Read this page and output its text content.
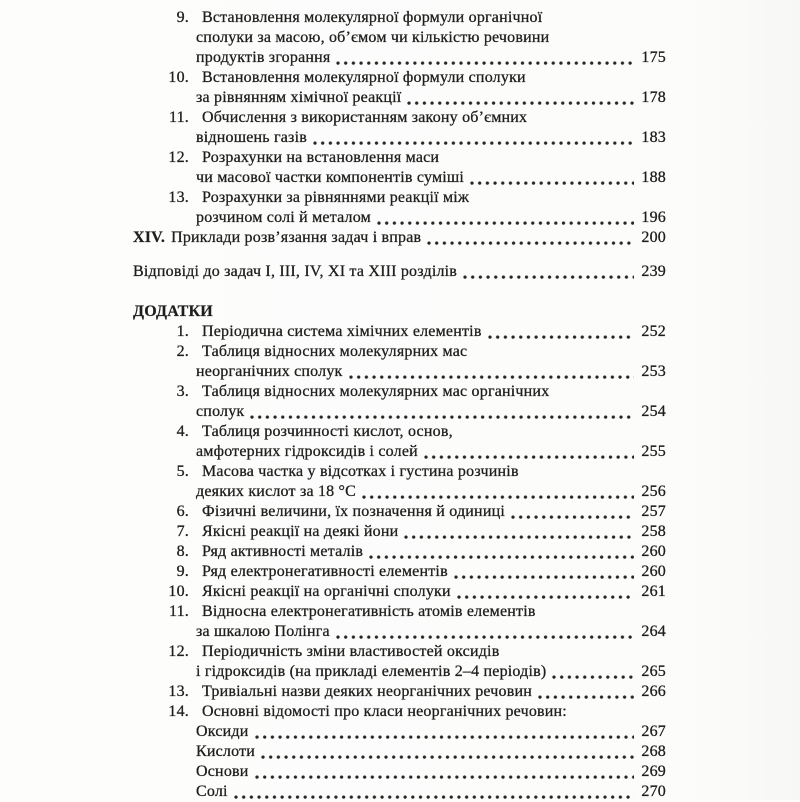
9. Встановлення молекулярної формули органічної
сполуки за масою, об’ємом чи кількістю речовини
продуктів згорання	175
10. Встановлення молекулярної формули сполуки
за рівнянням хімічної реакції	178
11. Обчислення з використанням закону об’ємних
відношень газів	183
12. Розрахунки на встановлення маси
чи масової частки компонентів суміші	188
13. Розрахунки за рівняннями реакції між
розчином солі й металом	196
XIV. Приклади розв’язання задач і вправ	200
Відповіді до задач I, III, IV, XI та XIII розділів	239
ДОДАТКИ
1. Періодична система хімічних елементів	252
2. Таблиця відносних молекулярних мас
неорганічних сполук	253
3. Таблиця відносних молекулярних мас органічних
сполук	254
4. Таблиця розчинності кислот, основ,
амфотерних гідроксидів і солей	255
5. Масова частка у відсотках і густина розчинів
деяких кислот за 18 °С	256
6. Фізичні величини, їх позначення й одиниці	257
7. Якісні реакції на деякі йони	258
8. Ряд активності металів	260
9. Ряд електронегативності елементів	260
10. Якісні реакції на органічні сполуки	261
11. Відносна електронегативність атомів елементів
за шкалою Полінга	264
12. Періодичність зміни властивостей оксидів
і гідроксидів (на прикладі елементів 2–4 періодів)	265
13. Тривіальні назви деяких неорганічних речовин	266
14. Основні відомості про класи неорганічних речовин:
Оксиди	267
Кислоти	268
Основи	269
Солі	270
